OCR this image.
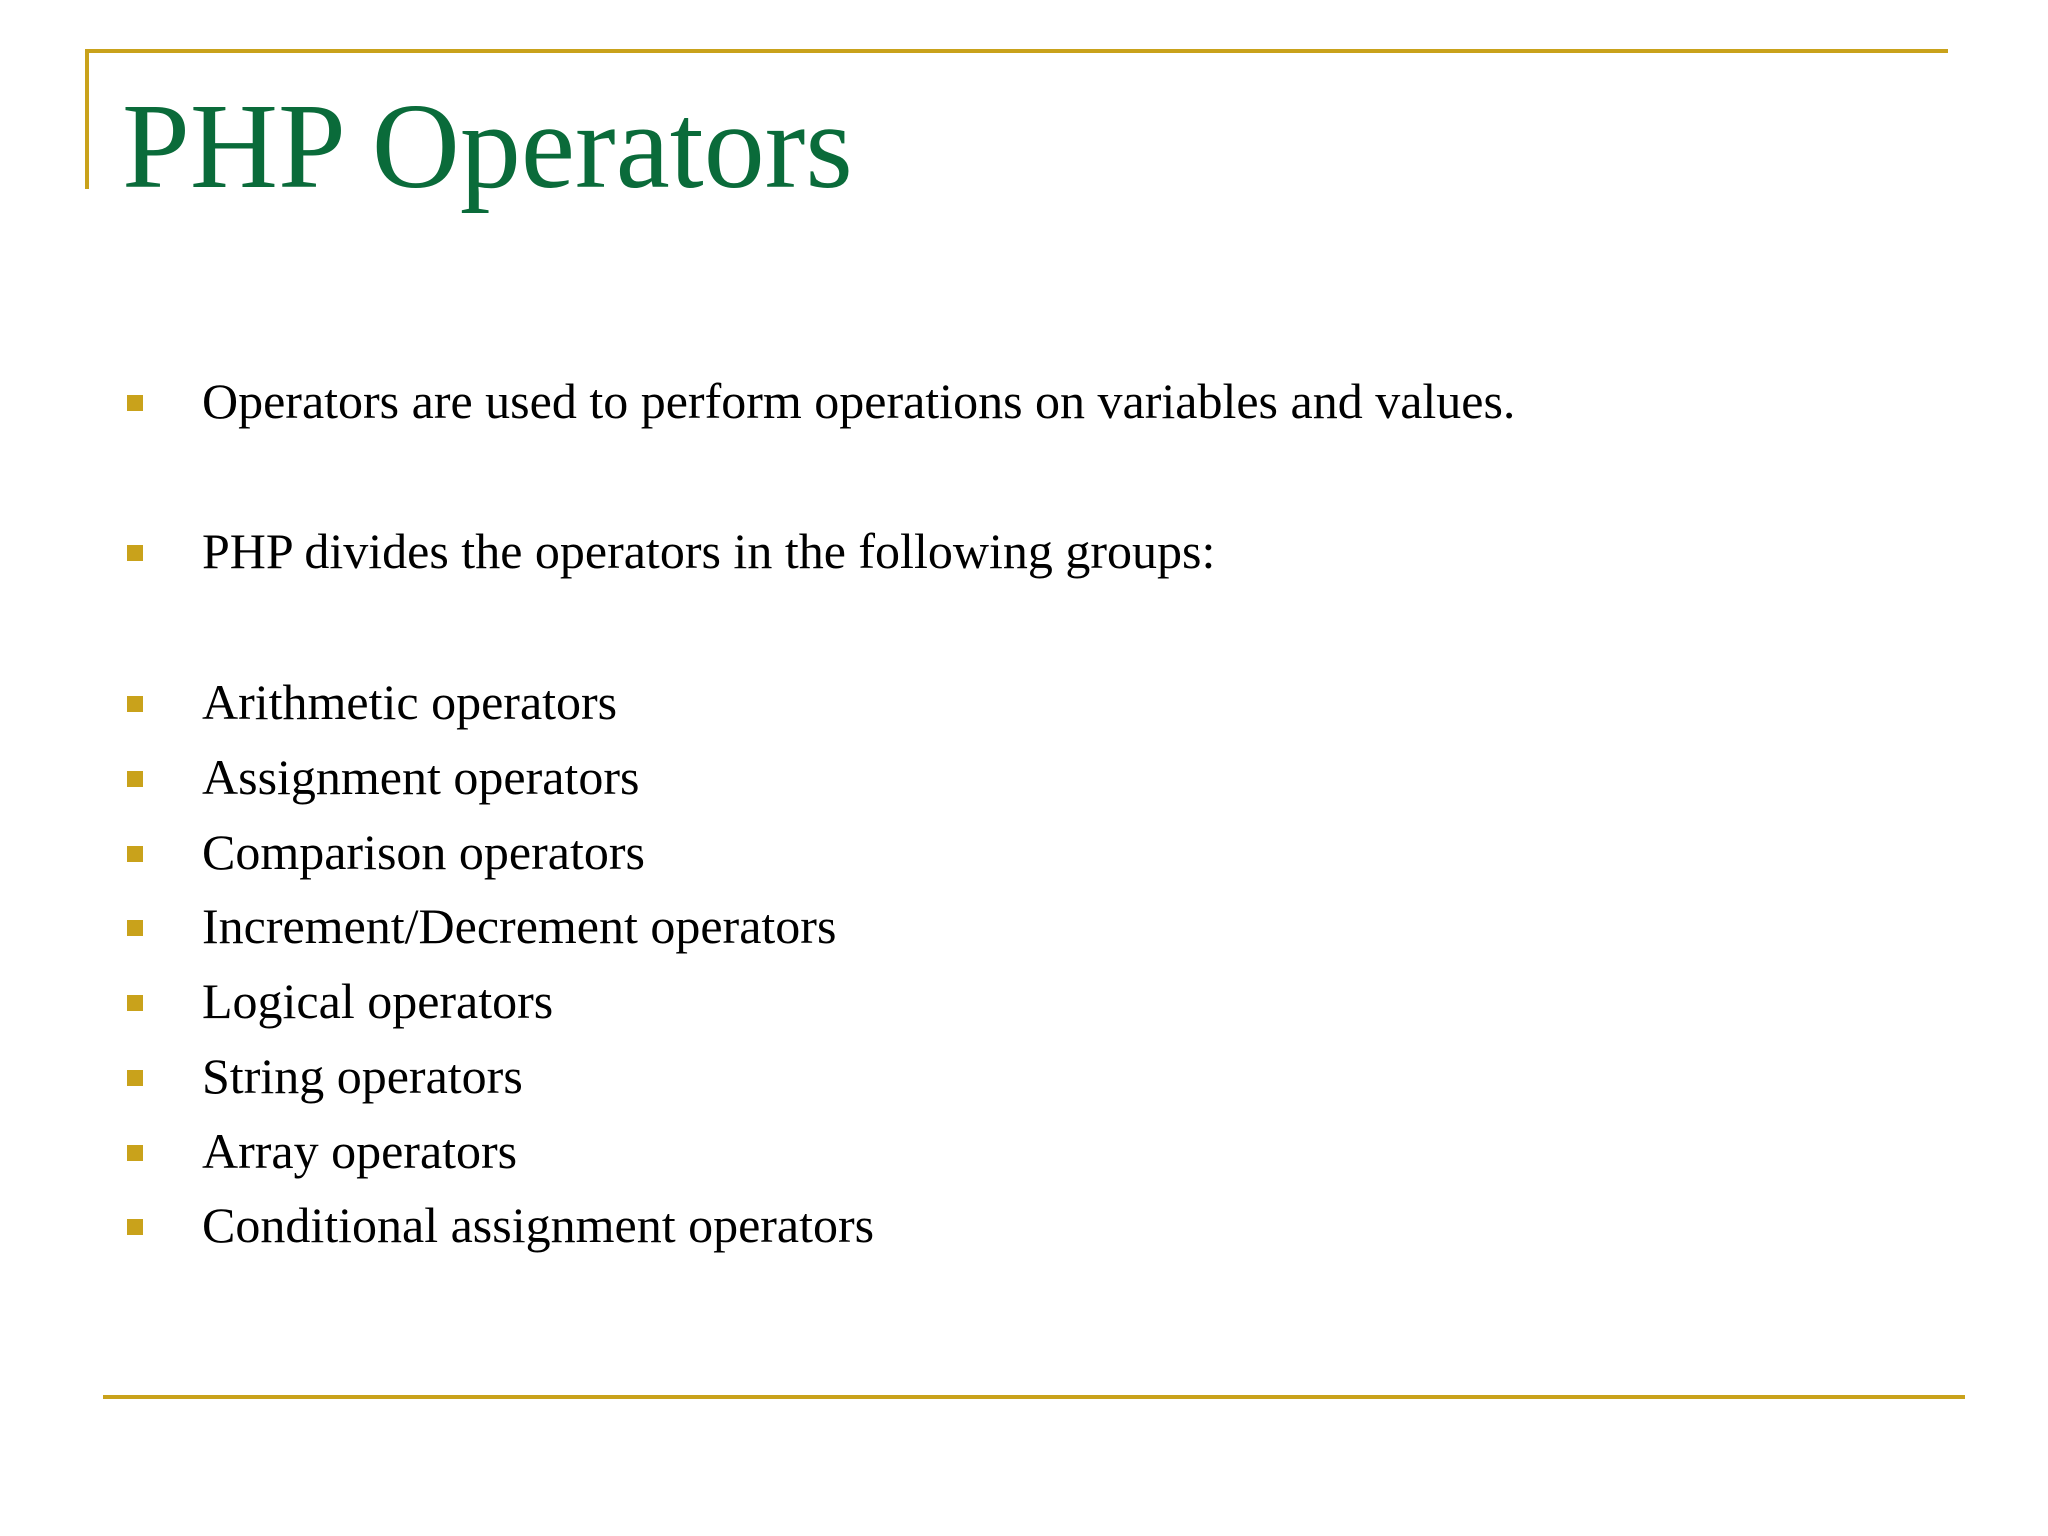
PHP Operators
Operators are used to perform operations on variables and values.
PHP divides the operators in the following groups:
Arithmetic operators
Assignment operators
Comparison operators
Increment/Decrement operators
Logical operators
String operators
Array operators
Conditional assignment operators
